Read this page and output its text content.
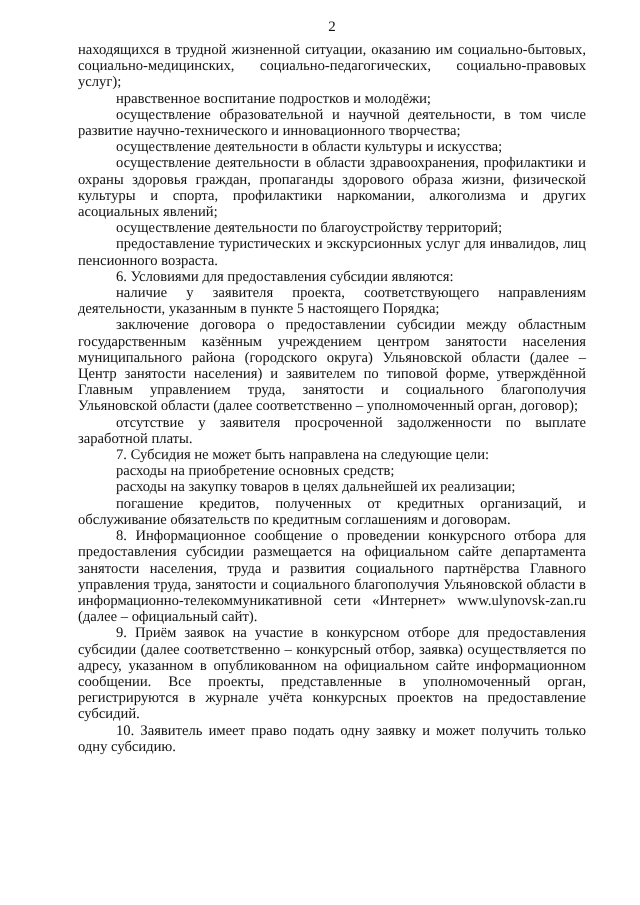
2

находящихся в трудной жизненной ситуации, оказанию им социально-бытовых, социально-медицинских, социально-педагогических, социально-правовых услуг);

нравственное воспитание подростков и молодёжи;

осуществление образовательной и научной деятельности, в том числе развитие научно-технического и инновационного творчества;

осуществление деятельности в области культуры и искусства;

осуществление деятельности в области здравоохранения, профилактики и охраны здоровья граждан, пропаганды здорового образа жизни, физической культуры и спорта, профилактики наркомании, алкоголизма и других асоциальных явлений;

осуществление деятельности по благоустройству территорий;

предоставление туристических и экскурсионных услуг для инвалидов, лиц пенсионного возраста.

6. Условиями для предоставления субсидии являются:

наличие у заявителя проекта, соответствующего направлениям деятельности, указанным в пункте 5 настоящего Порядка;

заключение договора о предоставлении субсидии между областным государственным казённым учреждением центром занятости населения муниципального района (городского округа) Ульяновской области (далее – Центр занятости населения) и заявителем по типовой форме, утверждённой Главным управлением труда, занятости и социального благополучия Ульяновской области (далее соответственно – уполномоченный орган, договор);

отсутствие у заявителя просроченной задолженности по выплате заработной платы.

7. Субсидия не может быть направлена на следующие цели:

расходы на приобретение основных средств;

расходы на закупку товаров в целях дальнейшей их реализации;

погашение кредитов, полученных от кредитных организаций, и обслуживание обязательств по кредитным соглашениям и договорам.

8. Информационное сообщение о проведении конкурсного отбора для предоставления субсидии размещается на официальном сайте департамента занятости населения, труда и развития социального партнёрства Главного управления труда, занятости и социального благополучия Ульяновской области в информационно-телекоммуникативной сети «Интернет» www.ulynovsk-zan.ru (далее – официальный сайт).

9. Приём заявок на участие в конкурсном отборе для предоставления субсидии (далее соответственно – конкурсный отбор, заявка) осуществляется по адресу, указанном в опубликованном на официальном сайте информационном сообщении. Все проекты, представленные в уполномоченный орган, регистрируются в журнале учёта конкурсных проектов на предоставление субсидий.

10. Заявитель имеет право подать одну заявку и может получить только одну субсидию.
